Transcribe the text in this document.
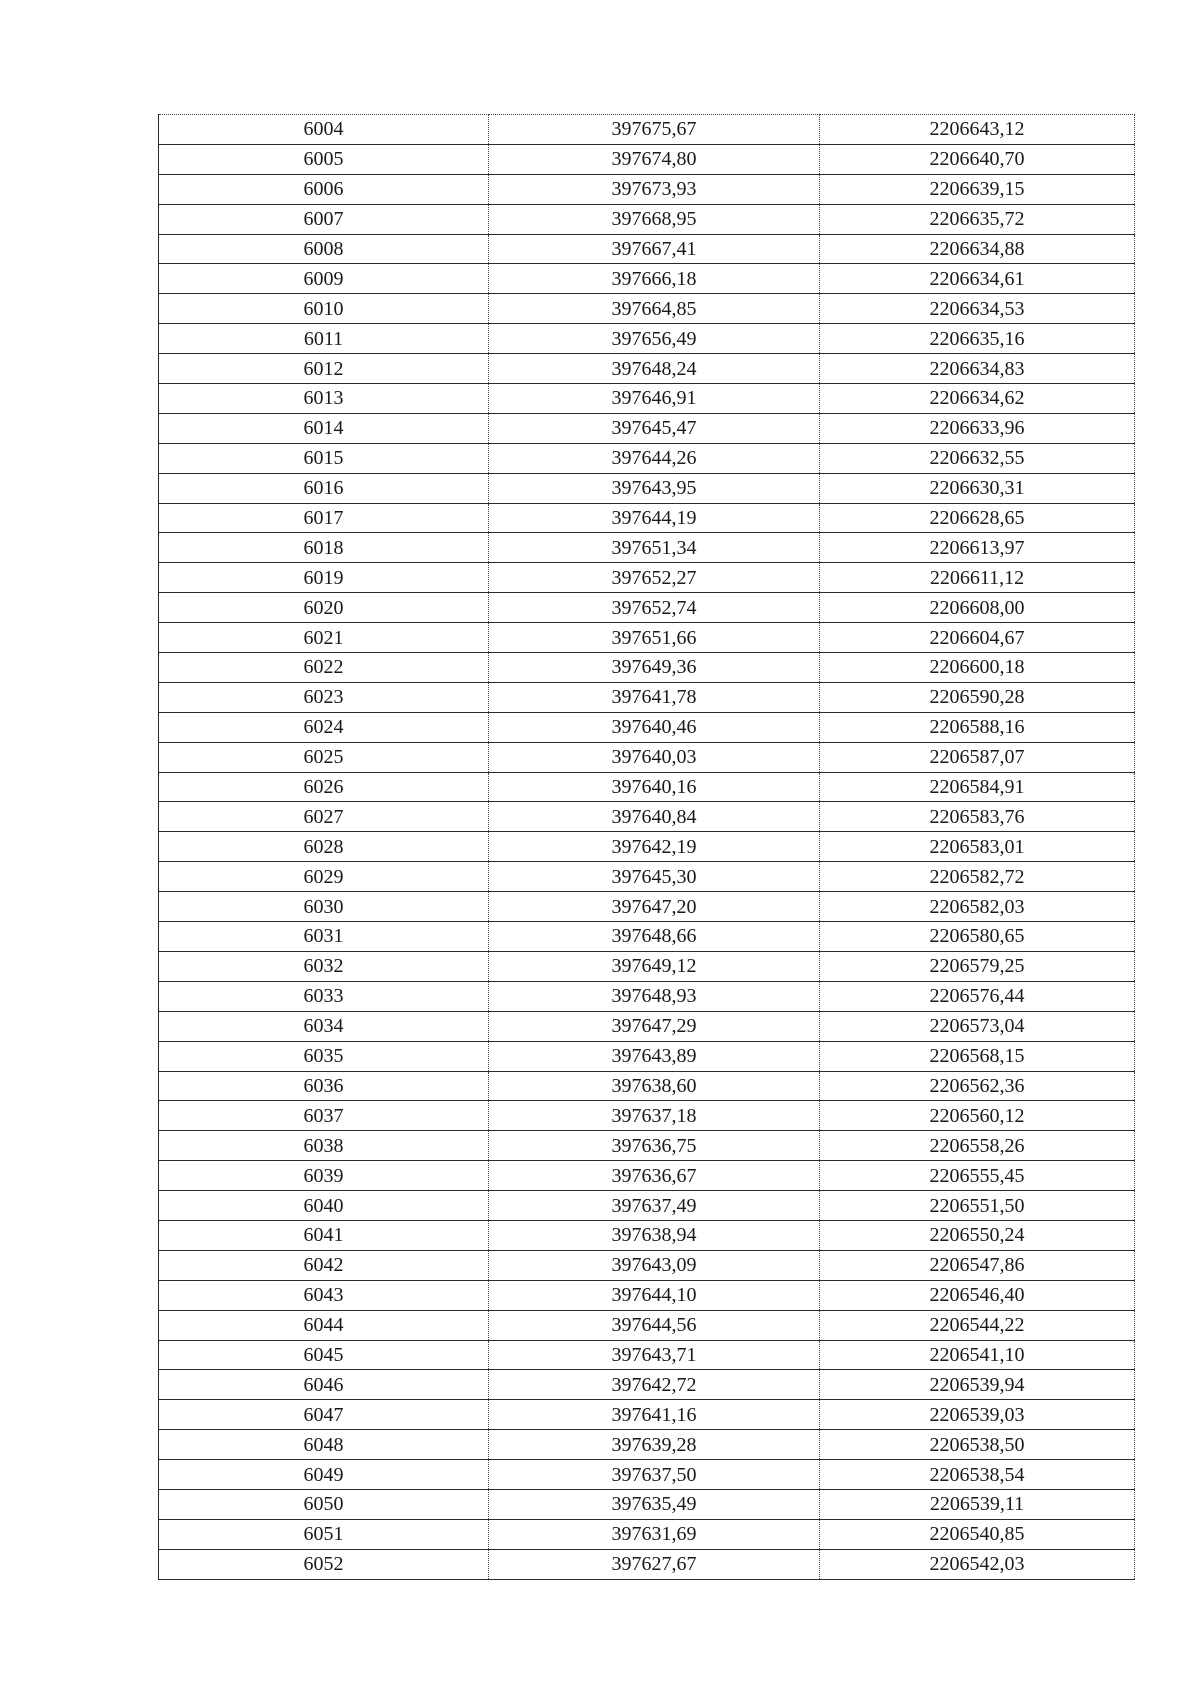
6004	397675,67	2206643,12
6005	397674,80	2206640,70
6006	397673,93	2206639,15
6007	397668,95	2206635,72
6008	397667,41	2206634,88
6009	397666,18	2206634,61
6010	397664,85	2206634,53
6011	397656,49	2206635,16
6012	397648,24	2206634,83
6013	397646,91	2206634,62
6014	397645,47	2206633,96
6015	397644,26	2206632,55
6016	397643,95	2206630,31
6017	397644,19	2206628,65
6018	397651,34	2206613,97
6019	397652,27	2206611,12
6020	397652,74	2206608,00
6021	397651,66	2206604,67
6022	397649,36	2206600,18
6023	397641,78	2206590,28
6024	397640,46	2206588,16
6025	397640,03	2206587,07
6026	397640,16	2206584,91
6027	397640,84	2206583,76
6028	397642,19	2206583,01
6029	397645,30	2206582,72
6030	397647,20	2206582,03
6031	397648,66	2206580,65
6032	397649,12	2206579,25
6033	397648,93	2206576,44
6034	397647,29	2206573,04
6035	397643,89	2206568,15
6036	397638,60	2206562,36
6037	397637,18	2206560,12
6038	397636,75	2206558,26
6039	397636,67	2206555,45
6040	397637,49	2206551,50
6041	397638,94	2206550,24
6042	397643,09	2206547,86
6043	397644,10	2206546,40
6044	397644,56	2206544,22
6045	397643,71	2206541,10
6046	397642,72	2206539,94
6047	397641,16	2206539,03
6048	397639,28	2206538,50
6049	397637,50	2206538,54
6050	397635,49	2206539,11
6051	397631,69	2206540,85
6052	397627,67	2206542,03
